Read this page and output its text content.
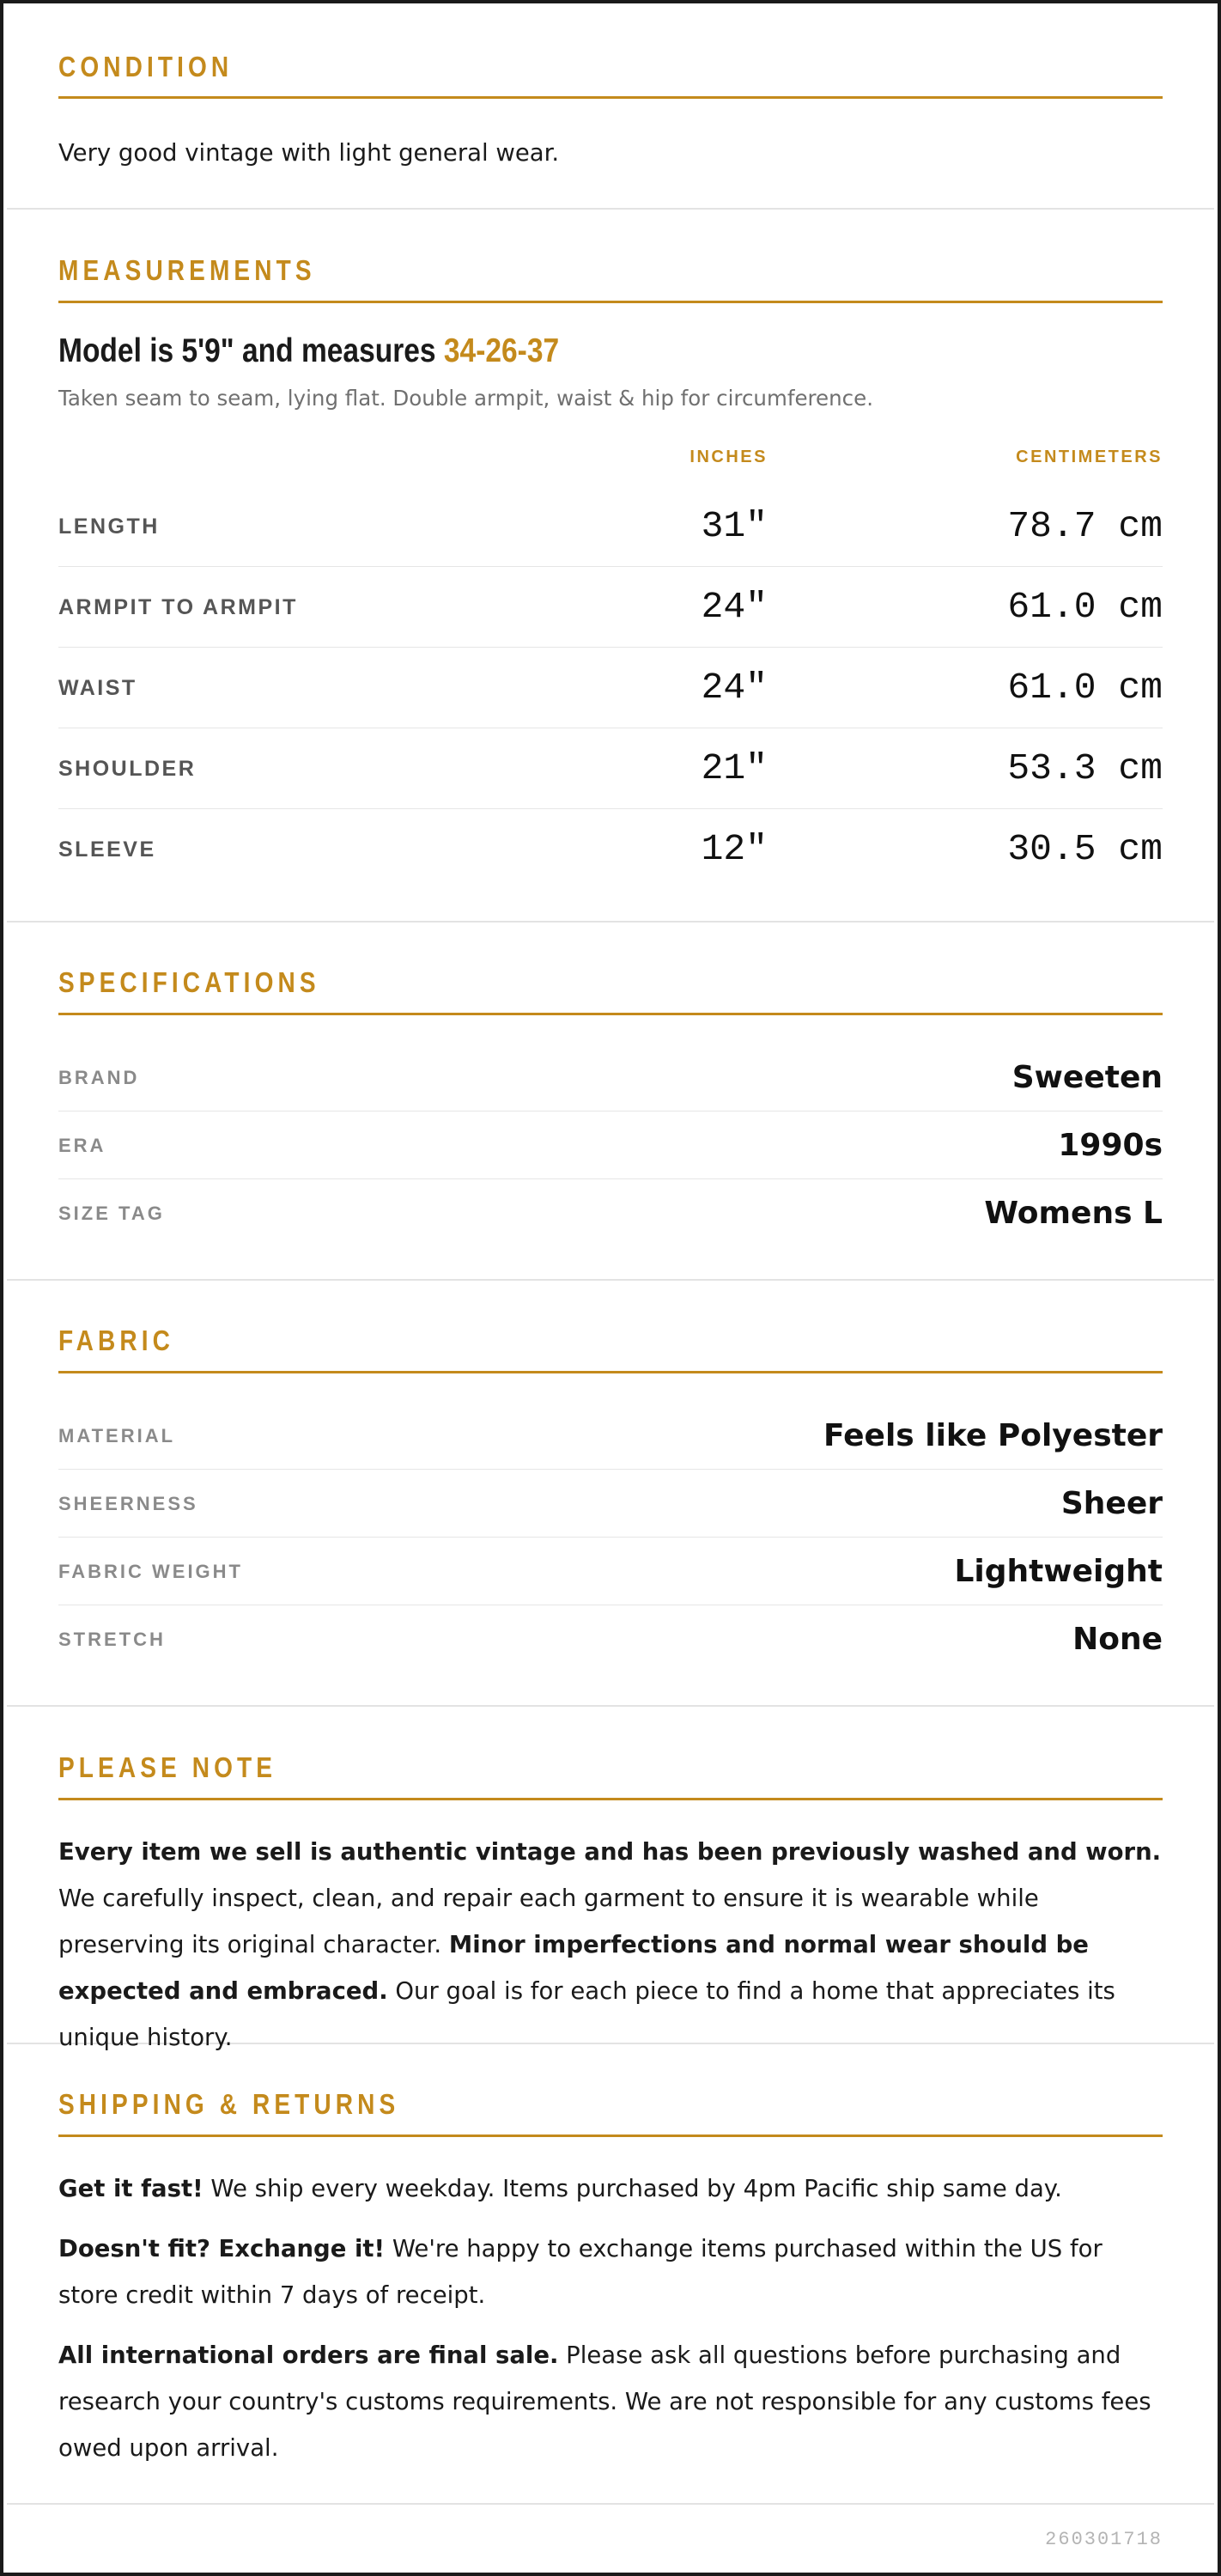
CONDITION
Very good vintage with light general wear.
MEASUREMENTS
Model is 5'9" and measures 34-26-37
Taken seam to seam, lying flat. Double armpit, waist & hip for circumference.
INCHES	CENTIMETERS
LENGTH	31"	78.7 cm
ARMPIT TO ARMPIT	24"	61.0 cm
WAIST	24"	61.0 cm
SHOULDER	21"	53.3 cm
SLEEVE	12"	30.5 cm
SPECIFICATIONS
BRAND	Sweeten
ERA	1990s
SIZE TAG	Womens L
FABRIC
MATERIAL	Feels like Polyester
SHEERNESS	Sheer
FABRIC WEIGHT	Lightweight
STRETCH	None
PLEASE NOTE
Every item we sell is authentic vintage and has been previously washed and worn. We carefully inspect, clean, and repair each garment to ensure it is wearable while preserving its original character. Minor imperfections and normal wear should be expected and embraced. Our goal is for each piece to find a home that appreciates its unique history.
SHIPPING & RETURNS
Get it fast! We ship every weekday. Items purchased by 4pm Pacific ship same day.
Doesn't fit? Exchange it! We're happy to exchange items purchased within the US for store credit within 7 days of receipt.
All international orders are final sale. Please ask all questions before purchasing and research your country's customs requirements. We are not responsible for any customs fees owed upon arrival.
260301718
